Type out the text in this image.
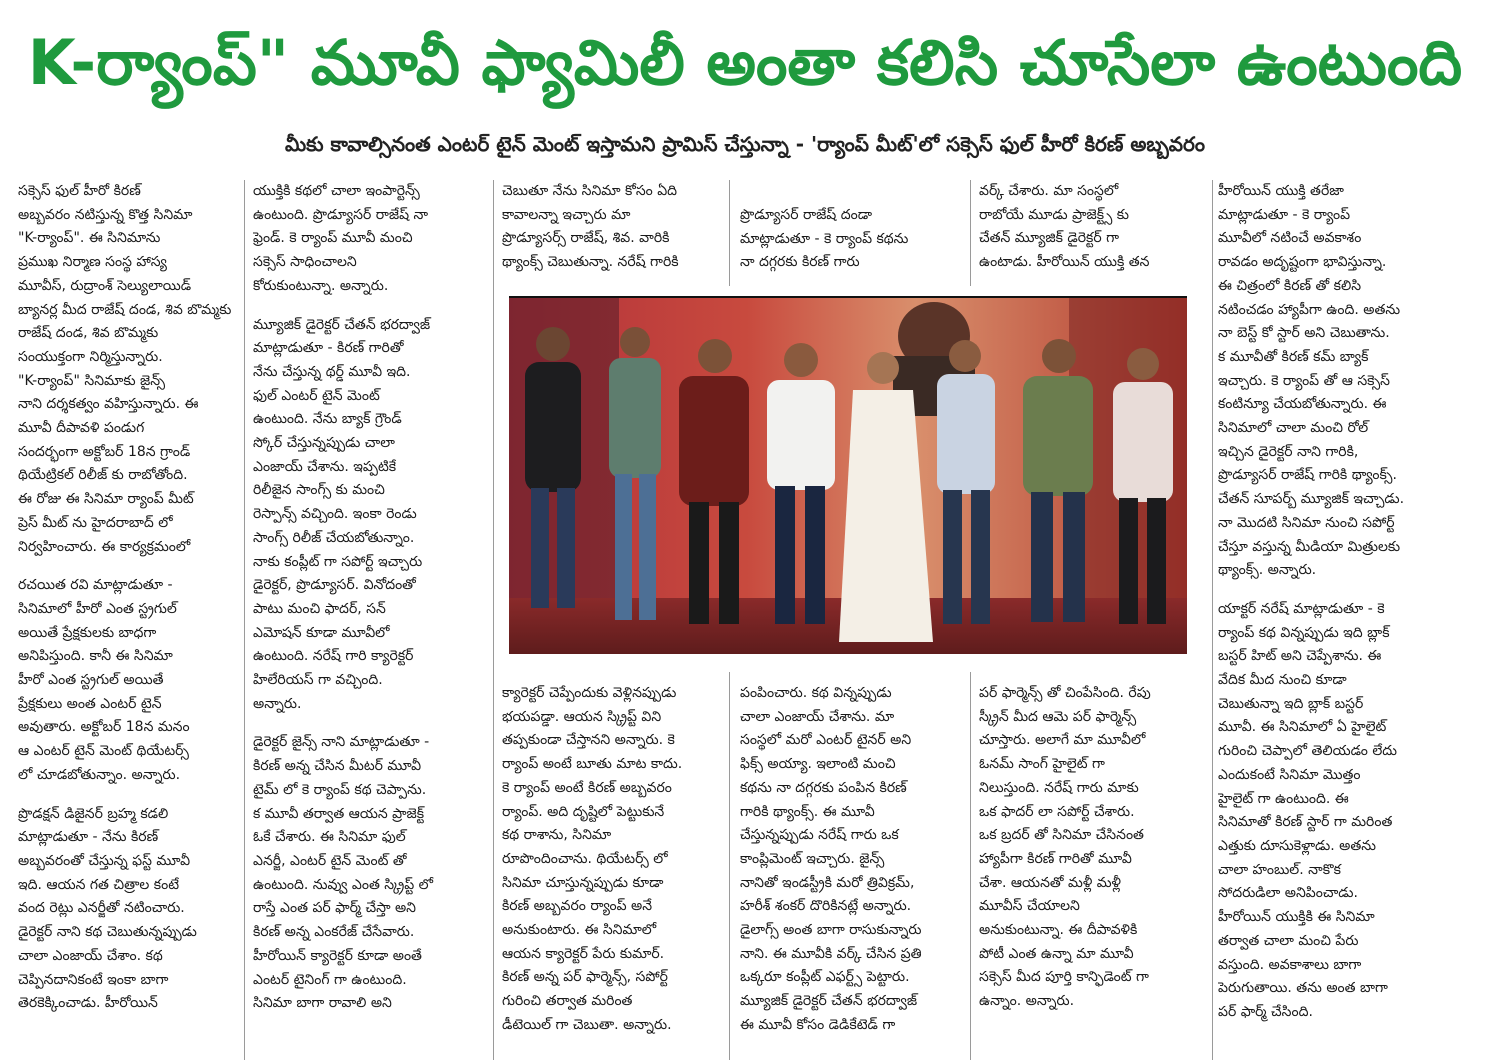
K-ర్యాంప్" మూవీ ఫ్యామిలీ అంతా కలిసి చూసేలా ఉంటుంది
మీకు కావాల్సినంత ఎంటర్ టైన్ మెంట్ ఇస్తామని ప్రామిస్ చేస్తున్నా - 'ర్యాంప్ మీట్'లో సక్సెస్ ఫుల్ హీరో కిరణ్ అబ్బవరం

సక్సెస్ ఫుల్ హీరో కిరణ్
అబ్బవరం నటిస్తున్న కొత్త సినిమా
"K-ర్యాంప్". ఈ సినిమాను
ప్రముఖ నిర్మాణ సంస్థ హాస్య
మూవీస్, రుద్రాంశ్ సెల్యులాయిడ్
బ్యానర్ల మీద రాజేష్ దండ, శివ బొమ్మకు
రాజేష్ దండ, శివ బొమ్మకు
సంయుక్తంగా నిర్మిస్తున్నారు.
"K-ర్యాంప్" సినిమాకు జైన్స్
నాని దర్శకత్వం వహిస్తున్నారు. ఈ
మూవీ దీపావళి పండుగ
సందర్భంగా అక్టోబర్ 18న గ్రాండ్
థియేట్రికల్ రిలీజ్ కు రాబోతోంది.
ఈ రోజు ఈ సినిమా ర్యాంప్ మీట్
ప్రెస్ మీట్ ను హైదరాబాద్ లో
నిర్వహించారు. ఈ కార్యక్రమంలో

రచయిత రవి మాట్లాడుతూ -
సినిమాలో హీరో ఎంత స్ట్రగుల్
అయితే ప్రేక్షకులకు బాధగా
అనిపిస్తుంది. కానీ ఈ సినిమా
హీరో ఎంత స్ట్రగుల్ అయితే
ప్రేక్షకులు అంత ఎంటర్ టైన్
అవుతారు. అక్టోబర్ 18న మనం
ఆ ఎంటర్ టైన్ మెంట్ థియేటర్స్
లో చూడబోతున్నాం. అన్నారు.

ప్రొడక్షన్ డిజైనర్ బ్రహ్మ కడలి
మాట్లాడుతూ - నేను కిరణ్
అబ్బవరంతో చేస్తున్న ఫస్ట్ మూవీ
ఇది. ఆయన గత చిత్రాల కంటే
వంద రెట్లు ఎనర్జీతో నటించారు.
డైరెక్టర్ నాని కథ చెబుతున్నప్పుడు
చాలా ఎంజాయ్ చేశాం. కథ
చెప్పినదానికంటే ఇంకా బాగా
తెరకెక్కించాడు. హీరోయిన్

యుక్తికి కథలో చాలా ఇంపార్టెన్స్
ఉంటుంది. ప్రొడ్యూసర్ రాజేష్ నా
ఫ్రెండ్. కె ర్యాంప్ మూవీ మంచి
సక్సెస్ సాధించాలని
కోరుకుంటున్నా. అన్నారు.

మ్యూజిక్ డైరెక్టర్ చేతన్ భరద్వాజ్
మాట్లాడుతూ - కిరణ్ గారితో
నేను చేస్తున్న థర్డ్ మూవీ ఇది.
ఫుల్ ఎంటర్ టైన్ మెంట్
ఉంటుంది. నేను బ్యాక్ గ్రౌండ్
స్కోర్ చేస్తున్నప్పుడు చాలా
ఎంజాయ్ చేశాను. ఇప్పటికే
రిలీజైన సాంగ్స్ కు మంచి
రెస్పాన్స్ వచ్చింది. ఇంకా రెండు
సాంగ్స్ రిలీజ్ చేయబోతున్నాం.
నాకు కంప్లీట్ గా సపోర్ట్ ఇచ్చారు
డైరెక్టర్, ప్రొడ్యూసర్. వినోదంతో
పాటు మంచి ఫాదర్, సన్
ఎమోషన్ కూడా మూవీలో
ఉంటుంది. నరేష్ గారి క్యారెక్టర్
హిలేరియస్ గా వచ్చింది.
అన్నారు.

డైరెక్టర్ జైన్స్ నాని మాట్లాడుతూ -
కిరణ్ అన్న చేసిన మీటర్ మూవీ
టైమ్ లో కె ర్యాంప్ కథ చెప్పాను.
క మూవీ తర్వాత ఆయన ప్రాజెక్ట్
ఓకే చేశారు. ఈ సినిమా ఫుల్
ఎనర్జీ, ఎంటర్ టైన్ మెంట్ తో
ఉంటుంది. నువ్వు ఎంత స్క్రిప్ట్ లో
రాస్తే ఎంత పర్ ఫార్మ్ చేస్తా అని
కిరణ్ అన్న ఎంకరేజ్ చేసేవారు.
హీరోయిన్ క్యారెక్టర్ కూడా అంతే
ఎంటర్ టైనింగ్ గా ఉంటుంది.
సినిమా బాగా రావాలి అని

చెబుతూ నేను సినిమా కోసం ఏది
కావాలన్నా ఇచ్చారు మా
ప్రొడ్యూసర్స్ రాజేష్, శివ. వారికి
థ్యాంక్స్ చెబుతున్నా. నరేష్ గారికి

ప్రొడ్యూసర్ రాజేష్ దండా
మాట్లాడుతూ - కె ర్యాంప్ కథను
నా దగ్గరకు కిరణ్ గారు

వర్క్ చేశారు. మా సంస్థలో
రాబోయే మూడు ప్రాజెక్ట్స్ కు
చేతన్ మ్యూజిక్ డైరెక్టర్ గా
ఉంటాడు. హీరోయిన్ యుక్తి తన

క్యారెక్టర్ చెప్పేందుకు వెళ్లినప్పుడు
భయపడ్డా. ఆయన స్క్రిప్ట్ విని
తప్పకుండా చేస్తానని అన్నారు. కె
ర్యాంప్ అంటే బూతు మాట కాదు.
కె ర్యాంప్ అంటే కిరణ్ అబ్బవరం
ర్యాంప్. అది దృష్టిలో పెట్టుకునే
కథ రాశాను, సినిమా
రూపొందించాను. థియేటర్స్ లో
సినిమా చూస్తున్నప్పుడు కూడా
కిరణ్ అబ్బవరం ర్యాంప్ అనే
అనుకుంటారు. ఈ సినిమాలో
ఆయన క్యారెక్టర్ పేరు కుమార్.
కిరణ్ అన్న పర్ ఫార్మెన్స్, సపోర్ట్
గురించి తర్వాత మరింత
డీటెయిల్ గా చెబుతా. అన్నారు.

పంపించారు. కథ విన్నప్పుడు
చాలా ఎంజాయ్ చేశాను. మా
సంస్థలో మరో ఎంటర్ టైనర్ అని
ఫిక్స్ అయ్యా. ఇలాంటి మంచి
కథను నా దగ్గరకు పంపిన కిరణ్
గారికి థ్యాంక్స్. ఈ మూవీ
చేస్తున్నప్పుడు నరేష్ గారు ఒక
కాంప్లిమెంట్ ఇచ్చారు. జైన్స్
నానితో ఇండస్ట్రీకి మరో త్రివిక్రమ్,
హరీశ్ శంకర్ దొరికినట్లే అన్నారు.
డైలాగ్స్ అంత బాగా రాసుకున్నారు
నాని. ఈ మూవీకి వర్క్ చేసిన ప్రతి
ఒక్కరూ కంప్లీట్ ఎఫర్ట్స్ పెట్టారు.
మ్యూజిక్ డైరెక్టర్ చేతన్ భరద్వాజ్
ఈ మూవీ కోసం డెడికేటెడ్ గా

పర్ ఫార్మెన్స్ తో చింపేసింది. రేపు
స్క్రీన్ మీద ఆమె పర్ ఫార్మెన్స్
చూస్తారు. అలాగే మా మూవీలో
ఓనమ్ సాంగ్ హైలైట్ గా
నిలుస్తుంది. నరేష్ గారు మాకు
ఒక ఫాదర్ లా సపోర్ట్ చేశారు.
ఒక బ్రదర్ తో సినిమా చేసినంత
హ్యాపీగా కిరణ్ గారితో మూవీ
చేశా. ఆయనతో మళ్లీ మళ్లీ
మూవీస్ చేయాలని
అనుకుంటున్నా. ఈ దీపావళికి
పోటీ ఎంత ఉన్నా మా మూవీ
సక్సెస్ మీద పూర్తి కాన్ఫిడెంట్ గా
ఉన్నాం. అన్నారు.

హీరోయిన్ యుక్తి తరేజా
మాట్లాడుతూ - కె ర్యాంప్
మూవీలో నటించే అవకాశం
రావడం అదృష్టంగా భావిస్తున్నా.
ఈ చిత్రంలో కిరణ్ తో కలిసి
నటించడం హ్యాపీగా ఉంది. అతను
నా బెస్ట్ కో స్టార్ అని చెబుతాను.
క మూవీతో కిరణ్ కమ్ బ్యాక్
ఇచ్చారు. కె ర్యాంప్ తో ఆ సక్సెస్
కంటిన్యూ చేయబోతున్నారు. ఈ
సినిమాలో చాలా మంచి రోల్
ఇచ్చిన డైరెక్టర్ నాని గారికి,
ప్రొడ్యూసర్ రాజేష్ గారికి థ్యాంక్స్.
చేతన్ సూపర్బ్ మ్యూజిక్ ఇచ్చాడు.
నా మొదటి సినిమా నుంచి సపోర్ట్
చేస్తూ వస్తున్న మీడియా మిత్రులకు
థ్యాంక్స్. అన్నారు.

యాక్టర్ నరేష్ మాట్లాడుతూ - కె
ర్యాంప్ కథ విన్నప్పుడు ఇది బ్లాక్
బస్టర్ హిట్ అని చెప్పేశాను. ఈ
వేదిక మీద నుంచి కూడా
చెబుతున్నా ఇది బ్లాక్ బస్టర్
మూవీ. ఈ సినిమాలో ఏ హైలైట్
గురించి చెప్పాలో తెలియడం లేదు
ఎందుకంటే సినిమా మొత్తం
హైలైట్ గా ఉంటుంది. ఈ
సినిమాతో కిరణ్ స్టార్ గా మరింత
ఎత్తుకు దూసుకెళ్లాడు. అతను
చాలా హంబుల్. నాకొక
సోదరుడిలా అనిపించాడు.
హీరోయిన్ యుక్తికి ఈ సినిమా
తర్వాత చాలా మంచి పేరు
వస్తుంది. అవకాశాలు బాగా
పెరుగుతాయి. తను అంత బాగా
పర్ ఫార్మ్ చేసింది.
